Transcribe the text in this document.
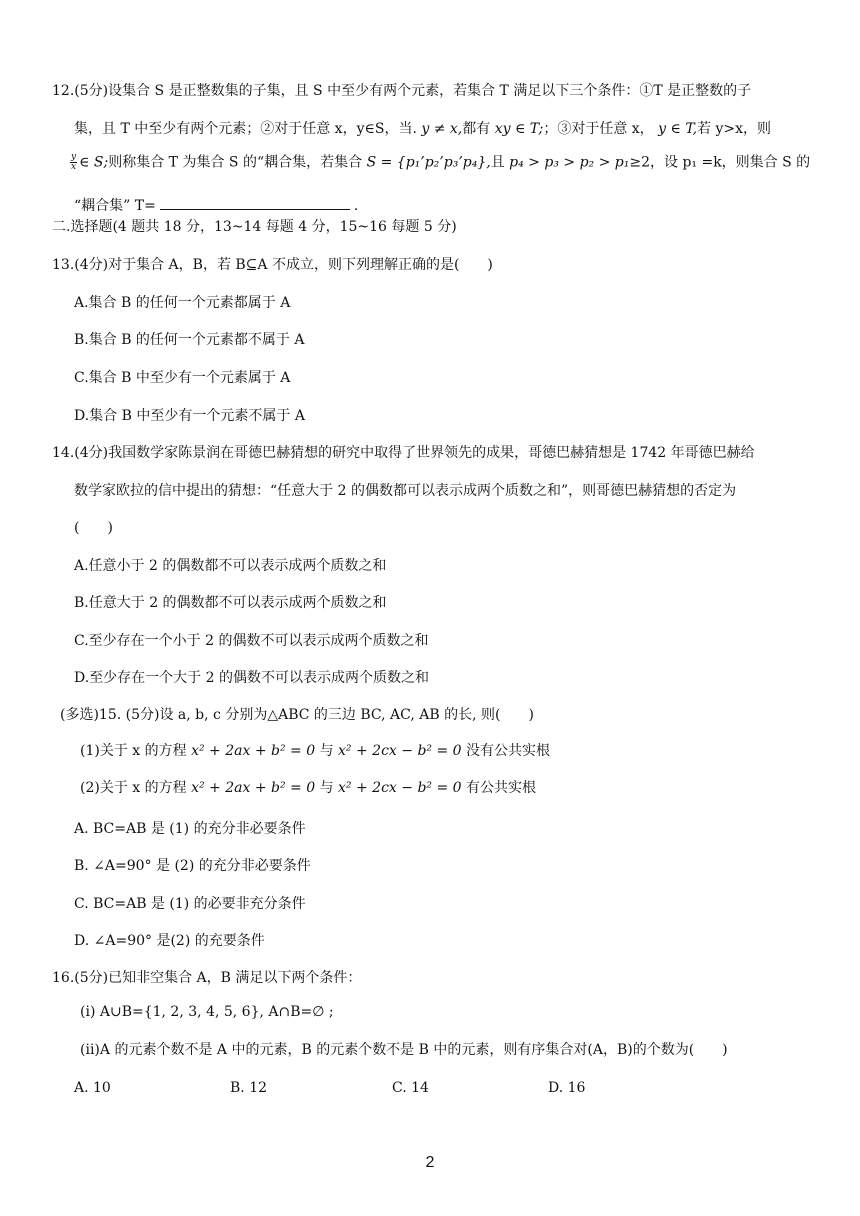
12.(5分)设集合 S 是正整数集的子集，且 S 中至少有两个元素，若集合 T 满足以下三个条件：①T 是正整数的子
集，且 T 中至少有两个元素；②对于任意 x，y∈S，当. y ≠ x,都有 xy ∈ T;；③对于任意 x， y ∈ T,若 y>x，则
$\frac{y}{x}$ ∈ S;则称集合 T 为集合 S 的“耦合集，若集合 S = {p₁’p₂’p₃’p₄},且 p₄ > p₃ > p₂ > p₁≥2，设 p₁ =k，则集合 S 的
“耦合集” T=	.
二.选择题(4 题共 18 分，13~14 每题 4 分，15~16 每题 5 分)
13.(4分)对于集合 A，B，若 B⊆A 不成立，则下列理解正确的是(　　)
A.集合 B 的任何一个元素都属于 A
B.集合 B 的任何一个元素都不属于 A
C.集合 B 中至少有一个元素属于 A
D.集合 B 中至少有一个元素不属于 A
14.(4分)我国数学家陈景润在哥德巴赫猜想的研究中取得了世界领先的成果，哥德巴赫猜想是 1742 年哥德巴赫给
数学家欧拉的信中提出的猜想：“任意大于 2 的偶数都可以表示成两个质数之和”，则哥德巴赫猜想的否定为
(　　)
A.任意小于 2 的偶数都不可以表示成两个质数之和
B.任意大于 2 的偶数都不可以表示成两个质数之和
C.至少存在一个小于 2 的偶数不可以表示成两个质数之和
D.至少存在一个大于 2 的偶数不可以表示成两个质数之和
(多选)15. (5分)设 a, b, c 分别为△ABC 的三边 BC, AC, AB 的长, 则(　　)
(1)关于 x 的方程 x² + 2ax + b² = 0 与 x² + 2cx − b² = 0 没有公共实根
(2)关于 x 的方程 x² + 2ax + b² = 0 与 x² + 2cx − b² = 0 有公共实根
A. BC=AB 是 (1) 的充分非必要条件
B. ∠A=90° 是 (2) 的充分非必要条件
C. BC=AB 是 (1) 的必要非充分条件
D. ∠A=90° 是(2) 的充要条件
16.(5分)已知非空集合 A，B 满足以下两个条件：
(i) A∪B={1, 2, 3, 4, 5, 6}, A∩B=∅ ;
(ii)A 的元素个数不是 A 中的元素，B 的元素个数不是 B 中的元素，则有序集合对(A，B)的个数为(　　)
A. 10	B. 12	C. 14	D. 16
2
